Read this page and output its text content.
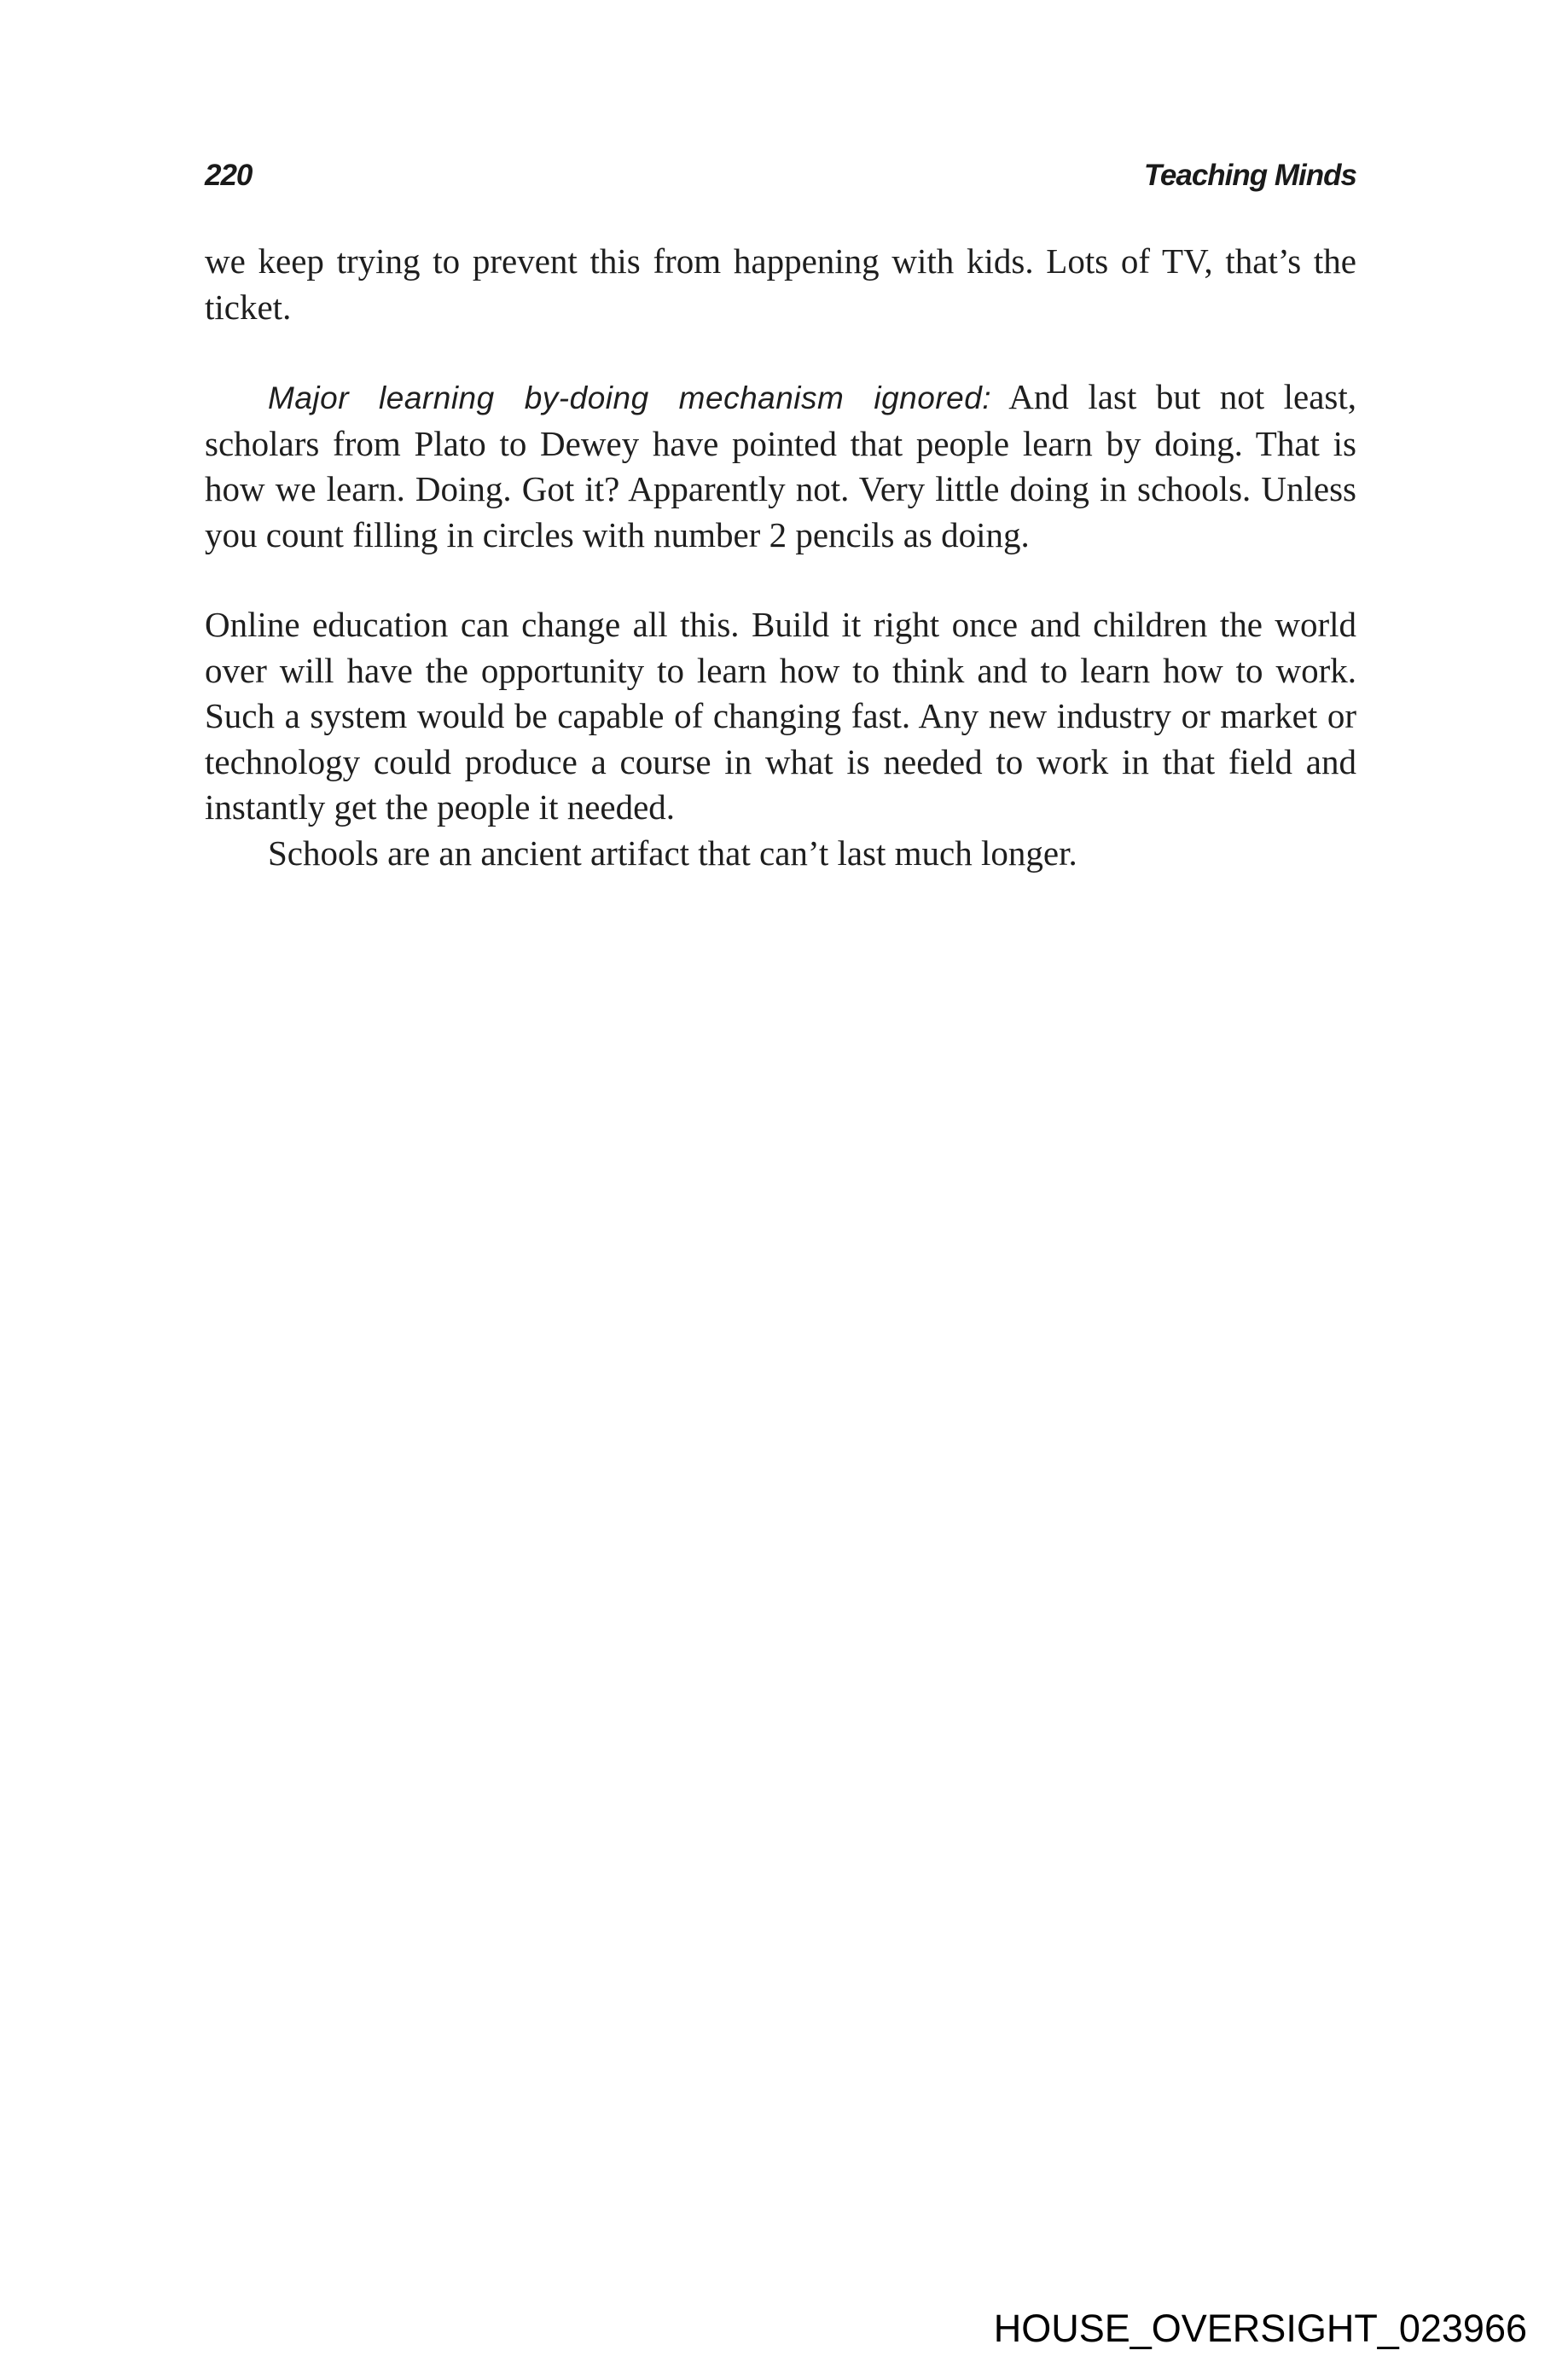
220	Teaching Minds

we keep trying to prevent this from happening with kids. Lots of TV, that’s the ticket.

Major learning by-doing mechanism ignored: And last but not least, scholars from Plato to Dewey have pointed that people learn by doing. That is how we learn. Doing. Got it? Apparently not. Very little doing in schools. Unless you count filling in circles with number 2 pencils as doing.

Online education can change all this. Build it right once and children the world over will have the opportunity to learn how to think and to learn how to work. Such a system would be capable of changing fast. Any new industry or market or technology could produce a course in what is needed to work in that field and instantly get the people it needed.

Schools are an ancient artifact that can’t last much longer.

HOUSE_OVERSIGHT_023966
